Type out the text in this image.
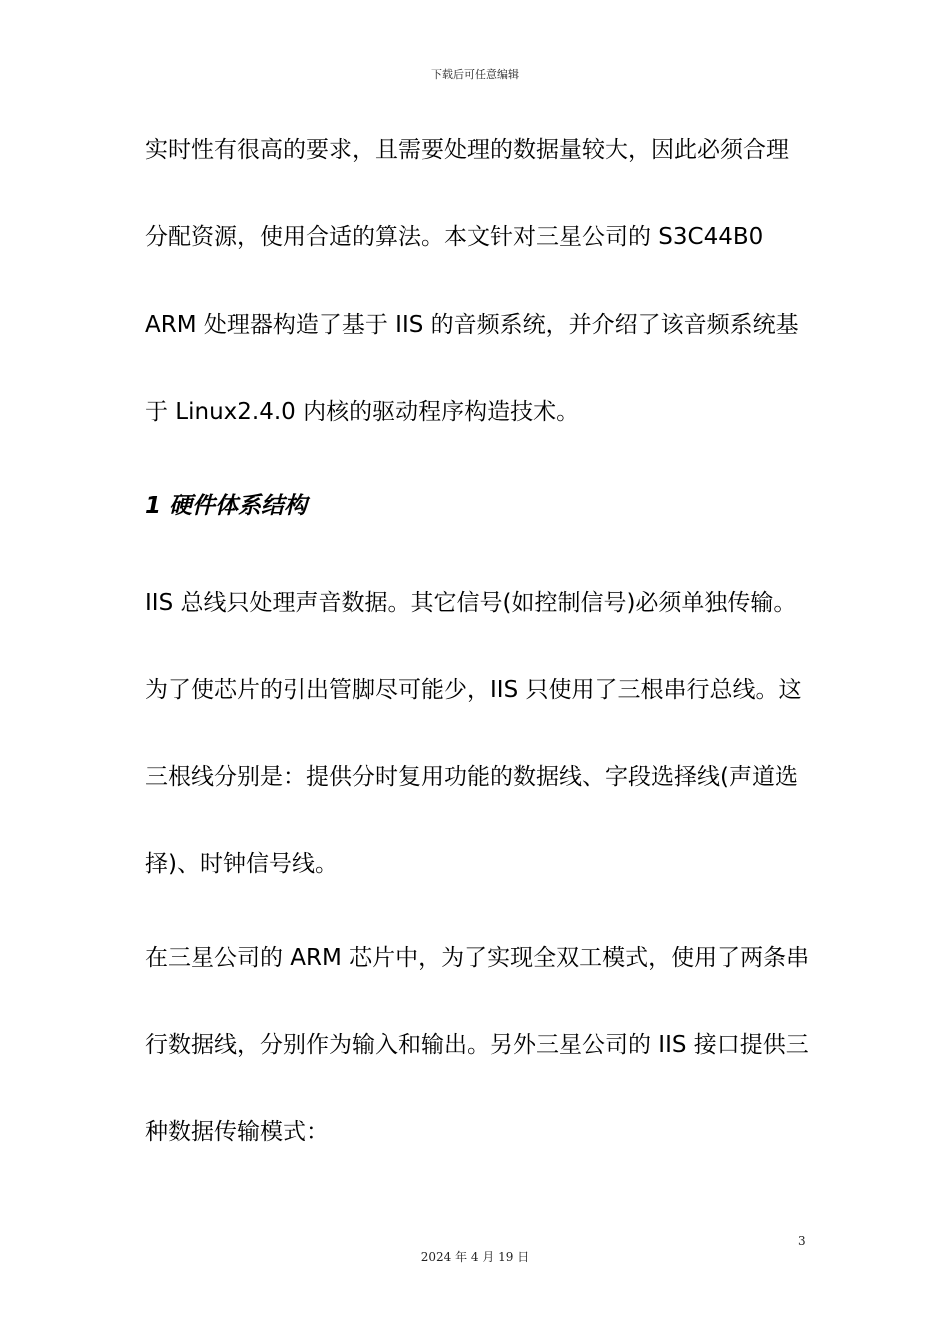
下载后可任意编辑
实时性有很高的要求，且需要处理的数据量较大，因此必须合理
分配资源，使用合适的算法。本文针对三星公司的 S3C44B0
ARM 处理器构造了基于 IIS 的音频系统，并介绍了该音频系统基
于 Linux2.4.0 内核的驱动程序构造技术。
1 硬件体系结构
IIS 总线只处理声音数据。其它信号(如控制信号)必须单独传输。
为了使芯片的引出管脚尽可能少，IIS 只使用了三根串行总线。这
三根线分别是：提供分时复用功能的数据线、字段选择线(声道选
择)、时钟信号线。
在三星公司的 ARM 芯片中，为了实现全双工模式，使用了两条串
行数据线，分别作为输入和输出。另外三星公司的 IIS 接口提供三
种数据传输模式：
3
2024 年 4 月 19 日
